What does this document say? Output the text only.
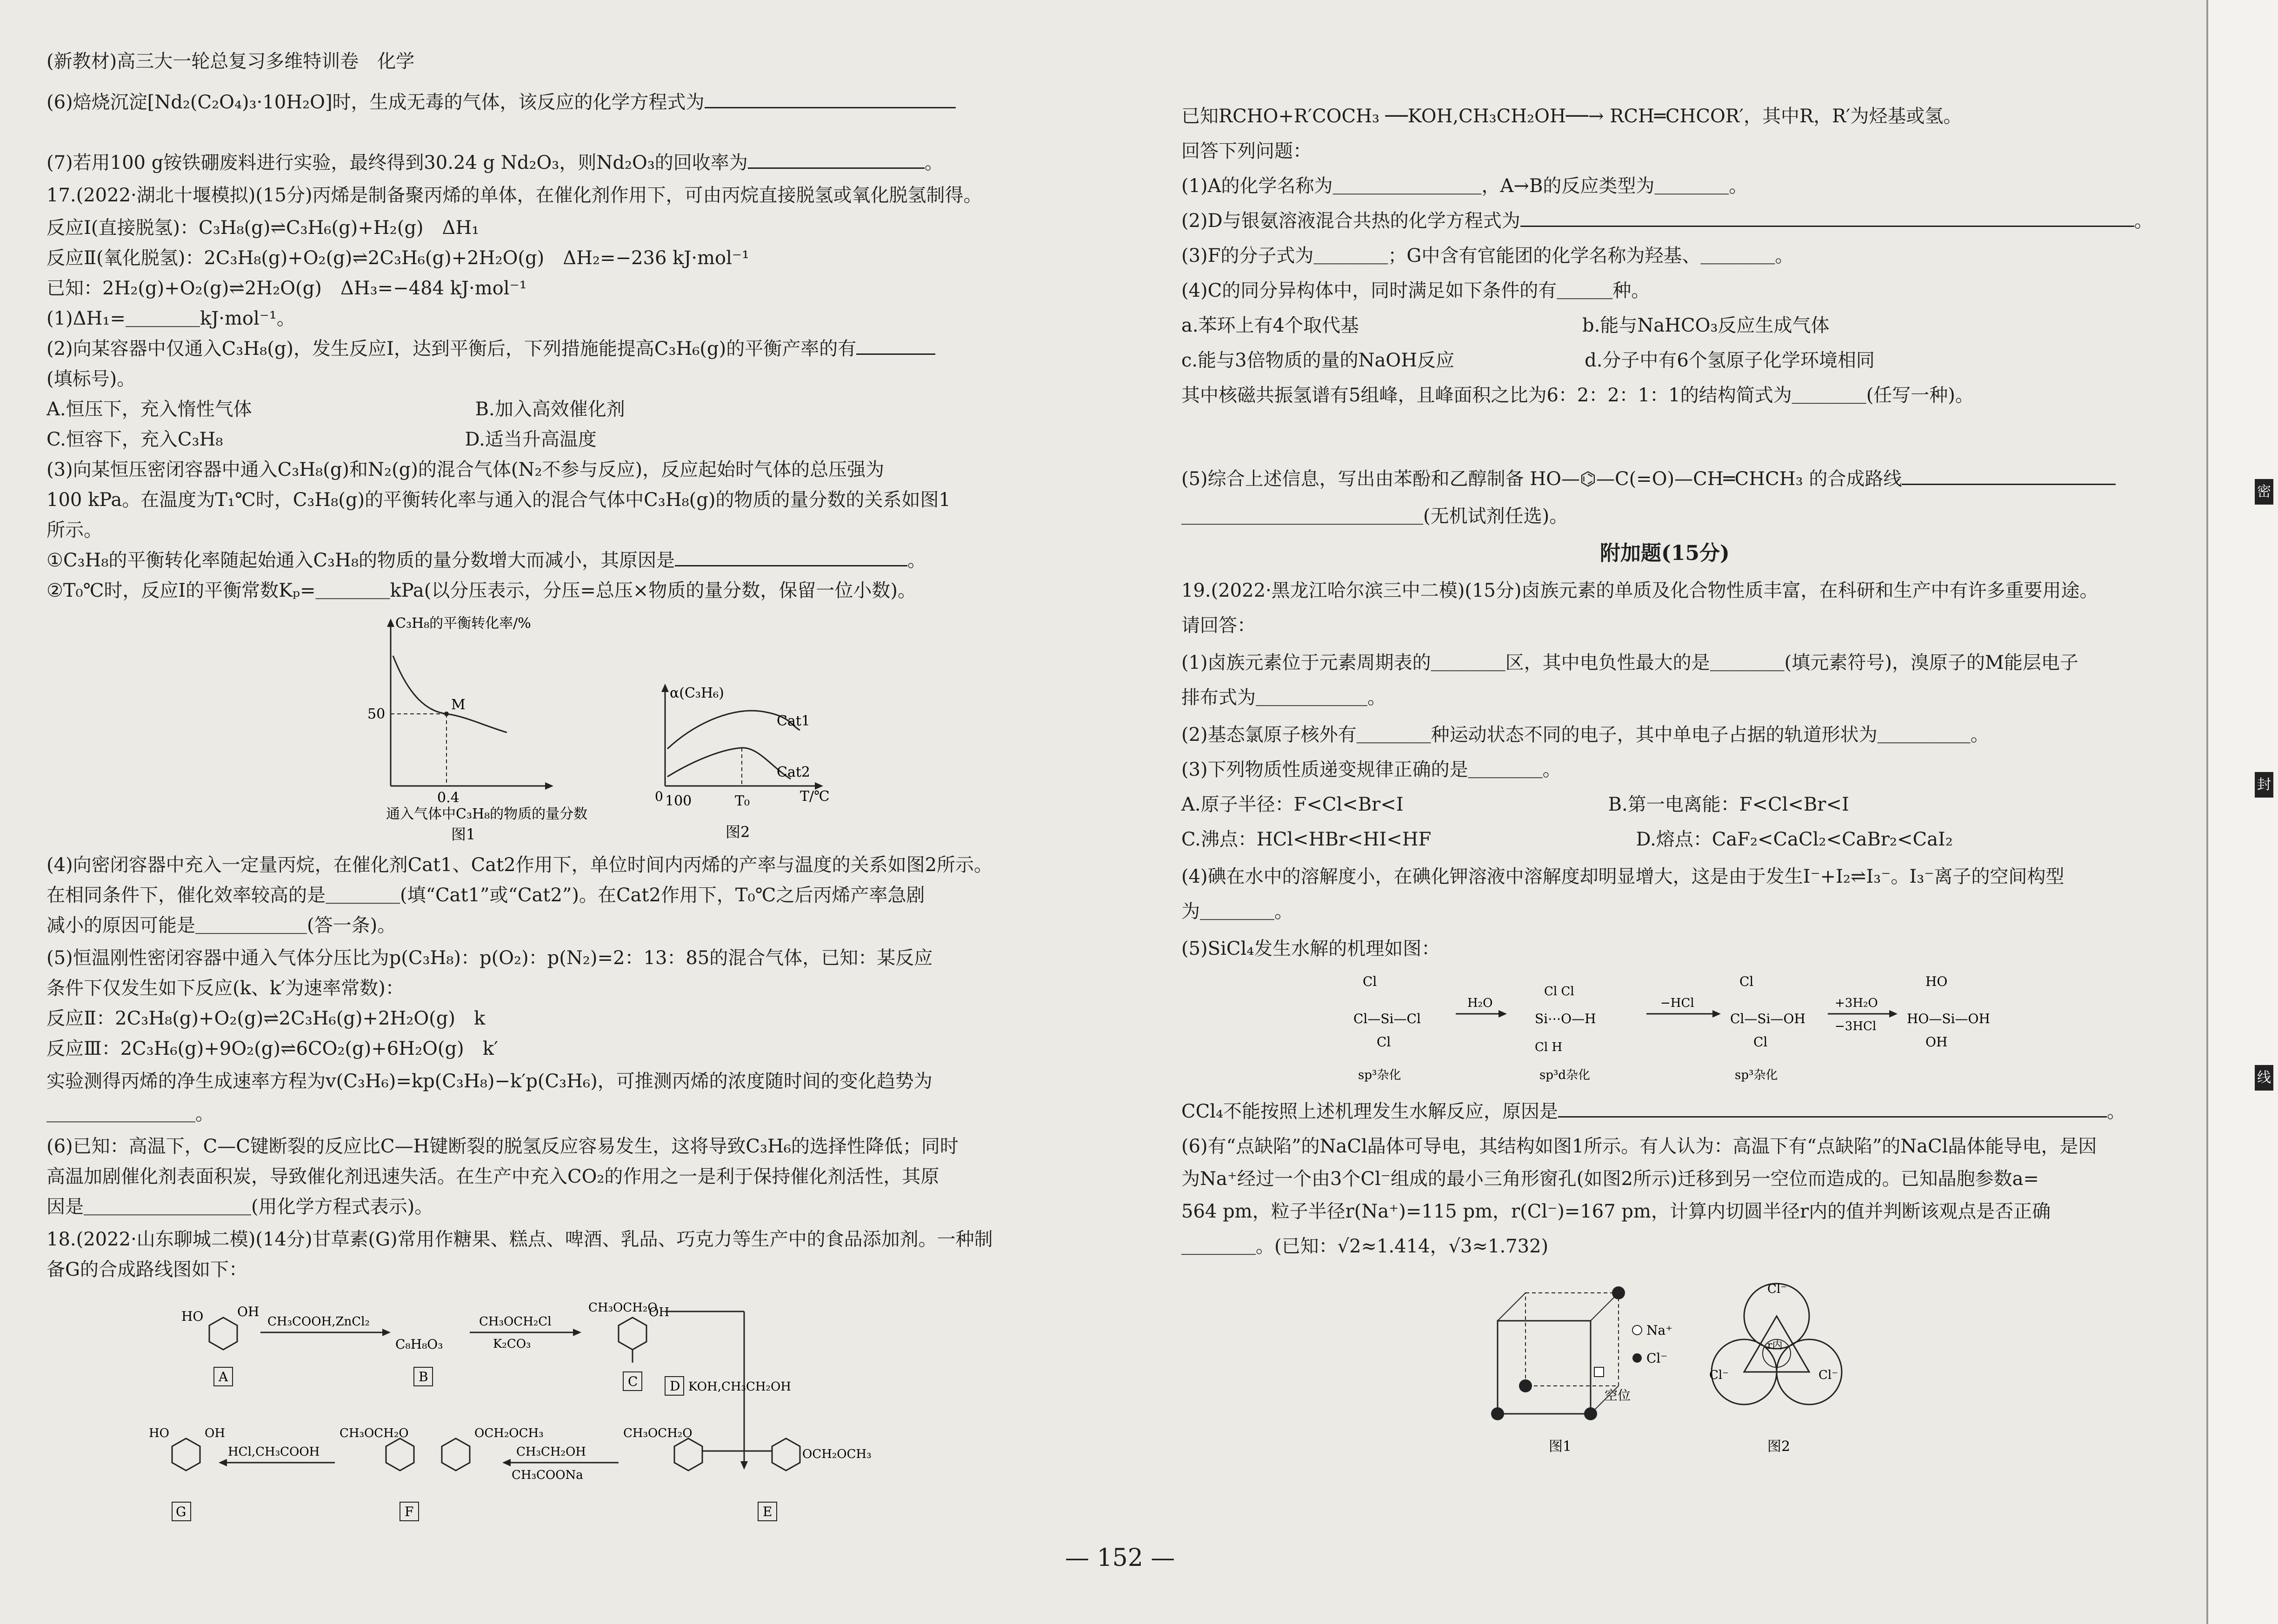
(新教材)高三大一轮总复习多维特训卷　化学
(6)焙烧沉淀[Nd₂(C₂O₄)₃·10H₂O]时，生成无毒的气体，该反应的化学方程式为
(7)若用100 g铵铁硼废料进行实验，最终得到30.24 g Nd₂O₃，则Nd₂O₃的回收率为	。
17.(2022·湖北十堰模拟)(15分)丙烯是制备聚丙烯的单体，在催化剂作用下，可由丙烷直接脱氢或氧化脱氢制得。
反应Ⅰ(直接脱氢)：C₃H₈(g)⇌C₃H₆(g)+H₂(g)　ΔH₁
反应Ⅱ(氧化脱氢)：2C₃H₈(g)+O₂(g)⇌2C₃H₆(g)+2H₂O(g)　ΔH₂=−236 kJ·mol⁻¹
已知：2H₂(g)+O₂(g)⇌2H₂O(g)　ΔH₃=−484 kJ·mol⁻¹
(1)ΔH₁=＿＿＿＿kJ·mol⁻¹。
(2)向某容器中仅通入C₃H₈(g)，发生反应Ⅰ，达到平衡后，下列措施能提高C₃H₆(g)的平衡产率的有
(填标号)。
A.恒压下，充入惰性气体　　　　　　　　　　　　B.加入高效催化剂
C.恒容下，充入C₃H₈　　　　　　　　　　　　　D.适当升高温度
(3)向某恒压密闭容器中通入C₃H₈(g)和N₂(g)的混合气体(N₂不参与反应)，反应起始时气体的总压强为
100 kPa。在温度为T₁℃时，C₃H₈(g)的平衡转化率与通入的混合气体中C₃H₈(g)的物质的量分数的关系如图1
所示。
①C₃H₈的平衡转化率随起始通入C₃H₈的物质的量分数增大而减小，其原因是	。
②T₀℃时，反应Ⅰ的平衡常数Kₚ=＿＿＿＿kPa(以分压表示，分压=总压×物质的量分数，保留一位小数)。
(4)向密闭容器中充入一定量丙烷，在催化剂Cat1、Cat2作用下，单位时间内丙烯的产率与温度的关系如图2所示。
在相同条件下，催化效率较高的是＿＿＿＿(填“Cat1”或“Cat2”)。在Cat2作用下，T₀℃之后丙烯产率急剧
减小的原因可能是＿＿＿＿＿＿(答一条)。
(5)恒温刚性密闭容器中通入气体分压比为p(C₃H₈)：p(O₂)：p(N₂)=2：13：85的混合气体，已知：某反应
条件下仅发生如下反应(k、k′为速率常数)：
反应Ⅱ：2C₃H₈(g)+O₂(g)⇌2C₃H₆(g)+2H₂O(g)　k
反应Ⅲ：2C₃H₆(g)+9O₂(g)⇌6CO₂(g)+6H₂O(g)　k′
实验测得丙烯的净生成速率方程为v(C₃H₆)=kp(C₃H₈)−k′p(C₃H₆)，可推测丙烯的浓度随时间的变化趋势为
＿＿＿＿＿＿＿＿。
(6)已知：高温下，C—C键断裂的反应比C—H键断裂的脱氢反应容易发生，这将导致C₃H₆的选择性降低；同时
高温加剧催化剂表面积炭，导致催化剂迅速失活。在生产中充入CO₂的作用之一是利于保持催化剂活性，其原
因是＿＿＿＿＿＿＿＿＿(用化学方程式表示)。
18.(2022·山东聊城二模)(14分)甘草素(G)常用作糖果、糕点、啤酒、乳品、巧克力等生产中的食品添加剂。一种制
备G的合成路线图如下：
C₃H₈的平衡转化率/%
50
M
0.4
通入气体中C₃H₈的物质的量分数
图1
α(C₃H₆)
Cat1
Cat2
0 100	T₀	T/℃
图2
HO	OH
A
CH₃COOH,ZnCl₂
C₈H₈O₃
B
CH₃OCH₂Cl
K₂CO₃
CH₃OCH₂O
OH
C D KOH,CH₃CH₂OH
CH₃OCH₂O
OCH₂OCH₃
E
CH₃CH₂OH
CH₃COONa
CH₃OCH₂O	OCH₂OCH₃
F
HCl,CH₃COOH
HO	OH
G
已知RCHO+R′COCH₃ ──KOH,CH₃CH₂OH──→ RCH═CHCOR′，其中R，R′为烃基或氢。
回答下列问题：
(1)A的化学名称为＿＿＿＿＿＿＿＿，A→B的反应类型为＿＿＿＿。
(2)D与银氨溶液混合共热的化学方程式为	。
(3)F的分子式为＿＿＿＿；G中含有官能团的化学名称为羟基、＿＿＿＿。
(4)C的同分异构体中，同时满足如下条件的有＿＿＿种。
a.苯环上有4个取代基　　　　　　　　　　　　b.能与NaHCO₃反应生成气体
c.能与3倍物质的量的NaOH反应　　　　　　　d.分子中有6个氢原子化学环境相同
其中核磁共振氢谱有5组峰，且峰面积之比为6：2：2：1：1的结构简式为＿＿＿＿(任写一种)。
(5)综合上述信息，写出由苯酚和乙醇制备 HO—⌬—C(=O)—CH═CHCH₃ 的合成路线
＿＿＿＿＿＿＿＿＿＿＿＿＿(无机试剂任选)。
附加题(15分)
19.(2022·黑龙江哈尔滨三中二模)(15分)卤族元素的单质及化合物性质丰富，在科研和生产中有许多重要用途。
请回答：
(1)卤族元素位于元素周期表的＿＿＿＿区，其中电负性最大的是＿＿＿＿(填元素符号)，溴原子的M能层电子
排布式为＿＿＿＿＿＿。
(2)基态氯原子核外有＿＿＿＿种运动状态不同的电子，其中单电子占据的轨道形状为＿＿＿＿＿。
(3)下列物质性质递变规律正确的是＿＿＿＿。
A.原子半径：F<Cl<Br<I　　　　　　　　　　　B.第一电离能：F<Cl<Br<I
C.沸点：HCl<HBr<HI<HF　　　　　　　　　　　D.熔点：CaF₂<CaCl₂<CaBr₂<CaI₂
(4)碘在水中的溶解度小，在碘化钾溶液中溶解度却明显增大，这是由于发生I⁻+I₂⇌I₃⁻。I₃⁻离子的空间构型
为＿＿＿＿。
(5)SiCl₄发生水解的机理如图：
CCl₄不能按照上述机理发生水解反应，原因是	。
(6)有“点缺陷”的NaCl晶体可导电，其结构如图1所示。有人认为：高温下有“点缺陷”的NaCl晶体能导电，是因
为Na⁺经过一个由3个Cl⁻组成的最小三角形窗孔(如图2所示)迁移到另一空位而造成的。已知晶胞参数a=
564 pm，粒子半径r(Na⁺)=115 pm，r(Cl⁻)=167 pm，计算内切圆半径r内的值并判断该观点是否正确
＿＿＿＿。(已知：√2≈1.414，√3≈1.732)
Cl
Cl—Si—Cl
Cl
H₂O
Cl Cl
Si⋯O—H
Cl H
−HCl
Cl
Cl—Si—OH
Cl
+3H₂O
−3HCl
HO
HO—Si—OH
OH
sp³杂化	sp³d杂化	sp³杂化
Na⁺
Cl⁻
空位
图1
Cl⁻
Cl⁻	Cl⁻
r内
图2
— 152 —
密
封
线
